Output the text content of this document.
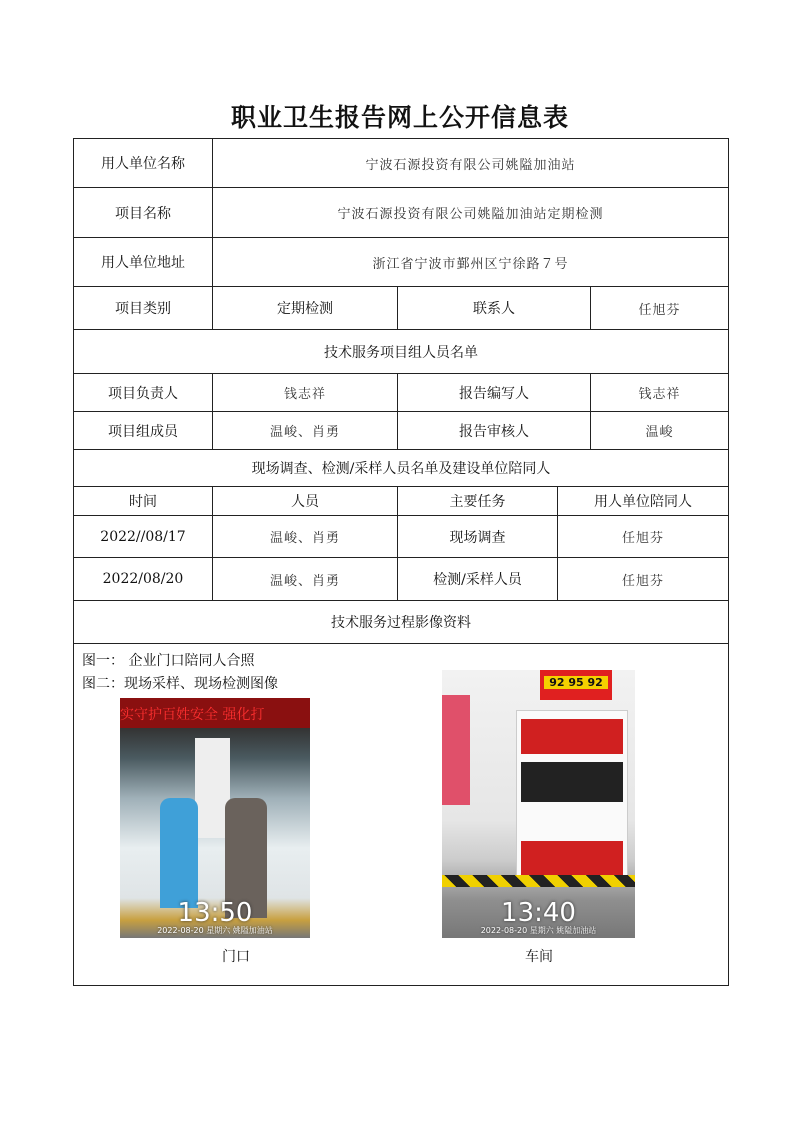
职业卫生报告网上公开信息表
用人单位名称	宁波石源投资有限公司姚隘加油站
项目名称	宁波石源投资有限公司姚隘加油站定期检测
用人单位地址	浙江省宁波市鄞州区宁徐路７号
项目类别	定期检测	联系人	任旭芬
技术服务项目组人员名单
项目负责人	钱志祥	报告编写人	钱志祥
项目组成员	温峻、肖勇	报告审核人	温峻
现场调查、检测/采样人员名单及建设单位陪同人
时间	人员	主要任务	用人单位陪同人
2022//08/17	温峻、肖勇	现场调查	任旭芬
2022/08/20	温峻、肖勇	检测/采样人员	任旭芬
技术服务过程影像资料
图一： 企业门口陪同人合照
图二：现场采样、现场检测图像
实守护百姓安全 强化打
13:50
2022-08-20 星期六 姚隘加油站
92 95 92
13:40
2022-08-20 星期六 姚隘加油站
门口	车间
